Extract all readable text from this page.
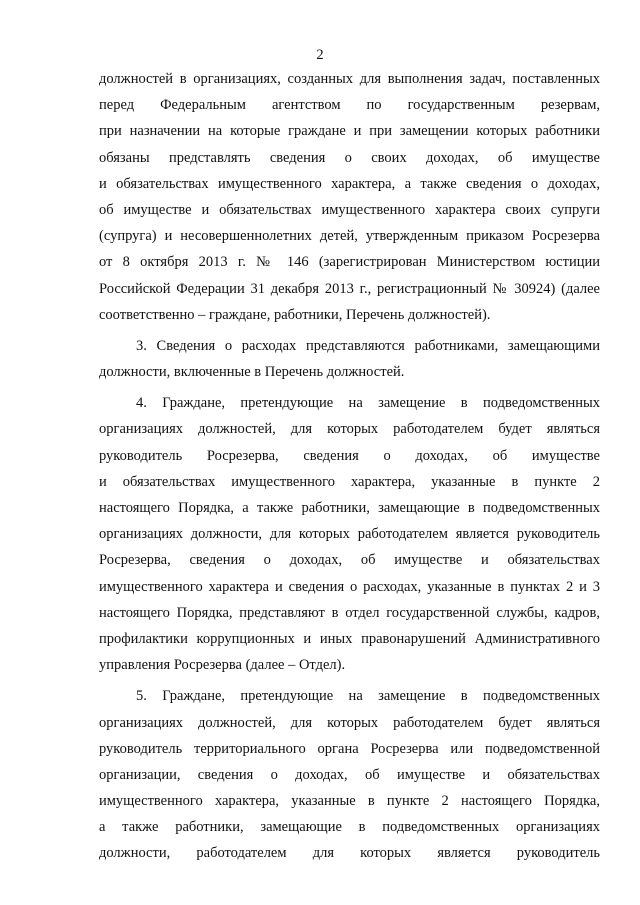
2
должностей в организациях, созданных для выполнения задач, поставленных
перед Федеральным агентством по государственным резервам,
при назначении на которые граждане и при замещении которых работники
обязаны представлять сведения о своих доходах, об имуществе
и обязательствах имущественного характера, а также сведения о доходах,
об имуществе и обязательствах имущественного характера своих супруги
(супруга) и несовершеннолетних детей, утвержденным приказом Росрезерва
от 8 октября 2013 г. № 146 (зарегистрирован Министерством юстиции
Российской Федерации 31 декабря 2013 г., регистрационный № 30924) (далее
соответственно – граждане, работники, Перечень должностей).
3. Сведения о расходах представляются работниками, замещающими
должности, включенные в Перечень должностей.
4. Граждане, претендующие на замещение в подведомственных
организациях должностей, для которых работодателем будет являться
руководитель Росрезерва, сведения о доходах, об имуществе
и обязательствах имущественного характера, указанные в пункте 2
настоящего Порядка, а также работники, замещающие в подведомственных
организациях должности, для которых работодателем является руководитель
Росрезерва, сведения о доходах, об имуществе и обязательствах
имущественного характера и сведения о расходах, указанные в пунктах 2 и 3
настоящего Порядка, представляют в отдел государственной службы, кадров,
профилактики коррупционных и иных правонарушений Административного
управления Росрезерва (далее – Отдел).
5. Граждане, претендующие на замещение в подведомственных
организациях должностей, для которых работодателем будет являться
руководитель территориального органа Росрезерва или подведомственной
организации, сведения о доходах, об имуществе и обязательствах
имущественного характера, указанные в пункте 2 настоящего Порядка,
а также работники, замещающие в подведомственных организациях
должности, работодателем для которых является руководитель
